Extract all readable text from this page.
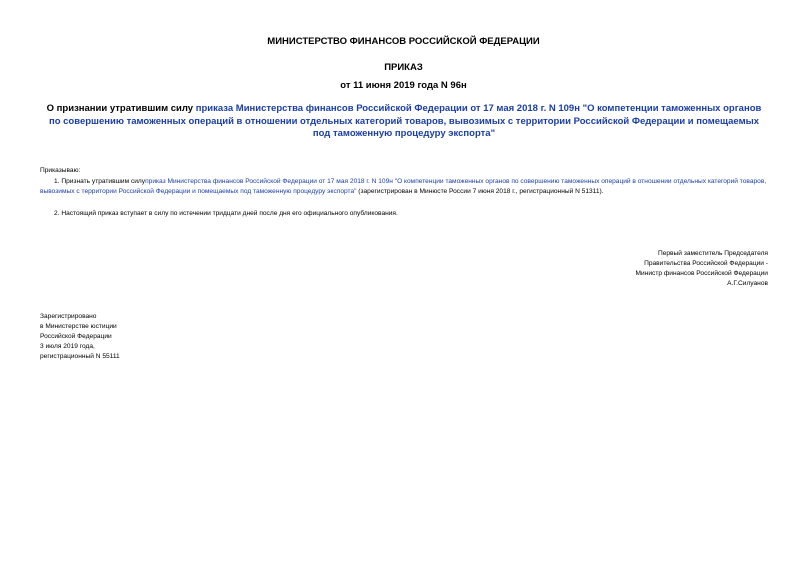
МИНИСТЕРСТВО ФИНАНСОВ РОССИЙСКОЙ ФЕДЕРАЦИИ
ПРИКАЗ
от 11 июня 2019 года N 96н
О признании утратившим силу приказа Министерства финансов Российской Федерации от 17 мая 2018 г. N 109н "О компетенции таможенных органов по совершению таможенных операций в отношении отдельных категорий товаров, вывозимых с территории Российской Федерации и помещаемых под таможенную процедуру экспорта"
Приказываю:
1. Признать утратившим силуприказ Министерства финансов Российской Федерации от 17 мая 2018 г. N 109н "О компетенции таможенных органов по совершению таможенных операций в отношении отдельных категорий товаров, вывозимых с территории Российской Федерации и помещаемых под таможенную процедуру экспорта" (зарегистрирован в Минюсте России 7 июня 2018 г., регистрационный N 51311).
2. Настоящий приказ вступает в силу по истечении тридцати дней после дня его официального опубликования.
Первый заместитель Председателя
Правительства Российской Федерации -
Министр финансов Российской Федерации
А.Г.Силуанов
Зарегистрировано
в Министерстве юстиции
Российской Федерации
3 июля 2019 года,
регистрационный N 55111
